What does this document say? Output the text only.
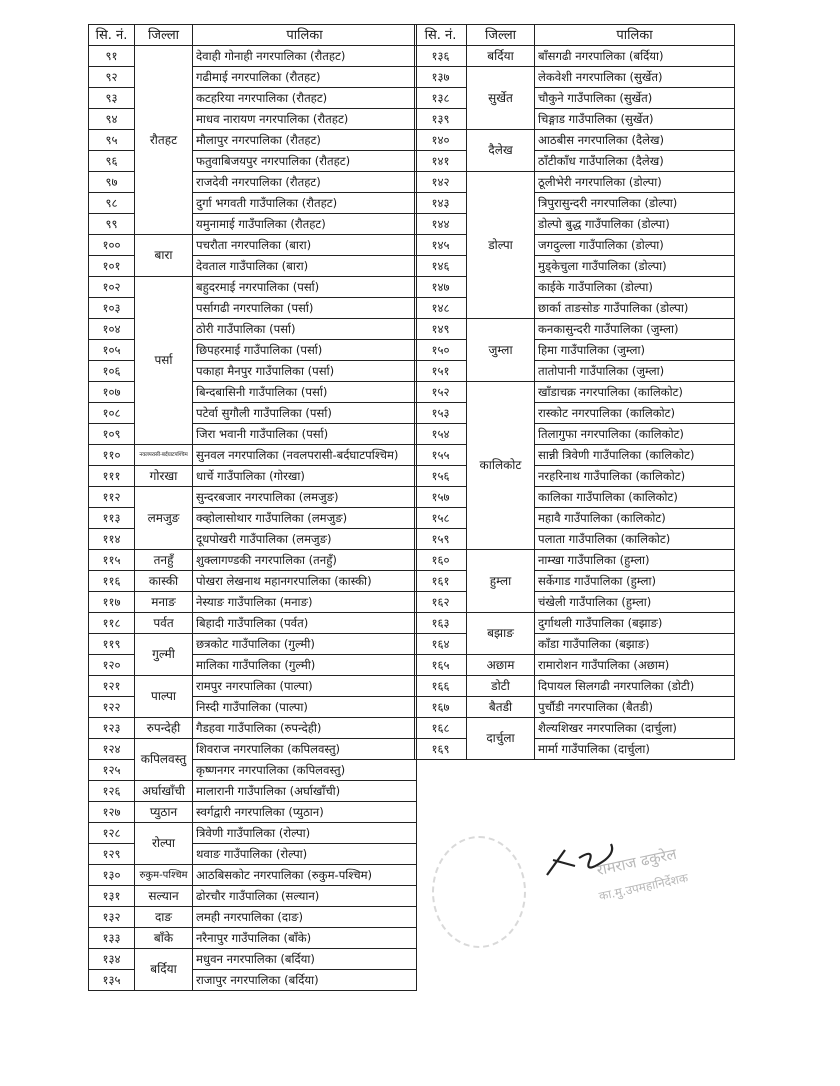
सि. नं.	जिल्ला	पालिका
९१	रौतहट	देवाही गोनाही नगरपालिका (रौतहट)
९२		गढीमाई नगरपालिका (रौतहट)
९३		कटहरिया नगरपालिका (रौतहट)
९४		माधव नारायण नगरपालिका (रौतहट)
९५		मौलापुर नगरपालिका (रौतहट)
९६		फतुवाबिजयपुर नगरपालिका (रौतहट)
९७		राजदेवी नगरपालिका (रौतहट)
९८		दुर्गा भगवती गाउँपालिका (रौतहट)
९९		यमुनामाई गाउँपालिका (रौतहट)
१००	बारा	पचरौता नगरपालिका (बारा)
१०१		देवताल गाउँपालिका (बारा)
१०२	पर्सा	बहुदरमाई नगरपालिका (पर्सा)
१०३		पर्सागढी नगरपालिका (पर्सा)
१०४		ठोरी गाउँपालिका (पर्सा)
१०५		छिपहरमाई गाउँपालिका (पर्सा)
१०६		पकाहा मैनपुर गाउँपालिका (पर्सा)
१०७		बिन्दबासिनी गाउँपालिका (पर्सा)
१०८		पटेर्वा सुगौली गाउँपालिका (पर्सा)
१०९		जिरा भवानी गाउँपालिका (पर्सा)
११०	नवलपरासी-बर्दघाटपश्चिम	सुनवल नगरपालिका (नवलपरासी-बर्दघाटपश्चिम)
१११	गोरखा	धार्चे गाउँपालिका (गोरखा)
११२	लमजुङ	सुन्दरबजार नगरपालिका (लमजुङ)
११३		क्व्होलासोथार गाउँपालिका (लमजुङ)
११४		दूधपोखरी गाउँपालिका (लमजुङ)
११५	तनहुँ	शुक्लागण्डकी नगरपालिका (तनहुँ)
११६	कास्की	पोखरा लेखनाथ महानगरपालिका (कास्की)
११७	मनाङ	नेस्याङ गाउँपालिका (मनाङ)
११८	पर्वत	बिहादी गाउँपालिका (पर्वत)
११९	गुल्मी	छत्रकोट गाउँपालिका (गुल्मी)
१२०		मालिका गाउँपालिका (गुल्मी)
१२१	पाल्पा	रामपुर नगरपालिका (पाल्पा)
१२२		निस्दी गाउँपालिका (पाल्पा)
१२३	रुपन्देही	गैडहवा गाउँपालिका (रुपन्देही)
१२४	कपिलवस्तु	शिवराज नगरपालिका (कपिलवस्तु)
१२५		कृष्णनगर नगरपालिका (कपिलवस्तु)
१२६	अर्घाखाँची	मालारानी गाउँपालिका (अर्घाखाँची)
१२७	प्युठान	स्वर्गद्वारी नगरपालिका (प्युठान)
१२८	रोल्पा	त्रिवेणी गाउँपालिका (रोल्पा)
१२९		थवाङ गाउँपालिका (रोल्पा)
१३०	रुकुम-पश्चिम	आठबिसकोट नगरपालिका (रुकुम-पश्चिम)
१३१	सल्यान	ढोरचौर गाउँपालिका (सल्यान)
१३२	दाङ	लमही नगरपालिका (दाङ)
१३३	बाँके	नरैनापुर गाउँपालिका (बाँके)
१३४	बर्दिया	मधुवन नगरपालिका (बर्दिया)
१३५		राजापुर नगरपालिका (बर्दिया)
सि. नं.	जिल्ला	पालिका
१३६	बर्दिया	बाँसगढी नगरपालिका (बर्दिया)
१३७	सुर्खेत	लेकवेशी नगरपालिका (सुर्खेत)
१३८		चौकुने गाउँपालिका (सुर्खेत)
१३९		चिङ्गाड गाउँपालिका (सुर्खेत)
१४०	दैलेख	आठबीस नगरपालिका (दैलेख)
१४१		ठाँटीकाँध गाउँपालिका (दैलेख)
१४२	डोल्पा	ठूलीभेरी नगरपालिका (डोल्पा)
१४३		त्रिपुरासुन्दरी नगरपालिका (डोल्पा)
१४४		डोल्पो बुद्ध गाउँपालिका (डोल्पा)
१४५		जगदुल्ला गाउँपालिका (डोल्पा)
१४६		मुड्केचुला गाउँपालिका (डोल्पा)
१४७		काईके गाउँपालिका (डोल्पा)
१४८		छार्का ताङसोङ गाउँपालिका (डोल्पा)
१४९	जुम्ला	कनकासुन्दरी गाउँपालिका (जुम्ला)
१५०		हिमा गाउँपालिका (जुम्ला)
१५१		तातोपानी गाउँपालिका (जुम्ला)
१५२	कालिकोट	खाँडाचक्र नगरपालिका (कालिकोट)
१५३		रास्कोट नगरपालिका (कालिकोट)
१५४		तिलागुफा नगरपालिका (कालिकोट)
१५५		सान्नी त्रिवेणी गाउँपालिका (कालिकोट)
१५६		नरहरिनाथ गाउँपालिका (कालिकोट)
१५७		कालिका गाउँपालिका (कालिकोट)
१५८		महावै गाउँपालिका (कालिकोट)
१५९		पलाता गाउँपालिका (कालिकोट)
१६०	हुम्ला	नाम्खा गाउँपालिका (हुम्ला)
१६१		सर्केगाड गाउँपालिका (हुम्ला)
१६२		चंखेली गाउँपालिका (हुम्ला)
१६३	बझाङ	दुर्गाथली गाउँपालिका (बझाङ)
१६४		काँडा गाउँपालिका (बझाङ)
१६५	अछाम	रामारोशन गाउँपालिका (अछाम)
१६६	डोटी	दिपायल सिलगढी नगरपालिका (डोटी)
१६७	बैतडी	पुर्चौडी नगरपालिका (बैतडी)
१६८	दार्चुला	शैल्यशिखर नगरपालिका (दार्चुला)
१६९		मार्मा गाउँपालिका (दार्चुला)
रामराज ढकुरेल
का.मु.उपमहानिर्देशक
